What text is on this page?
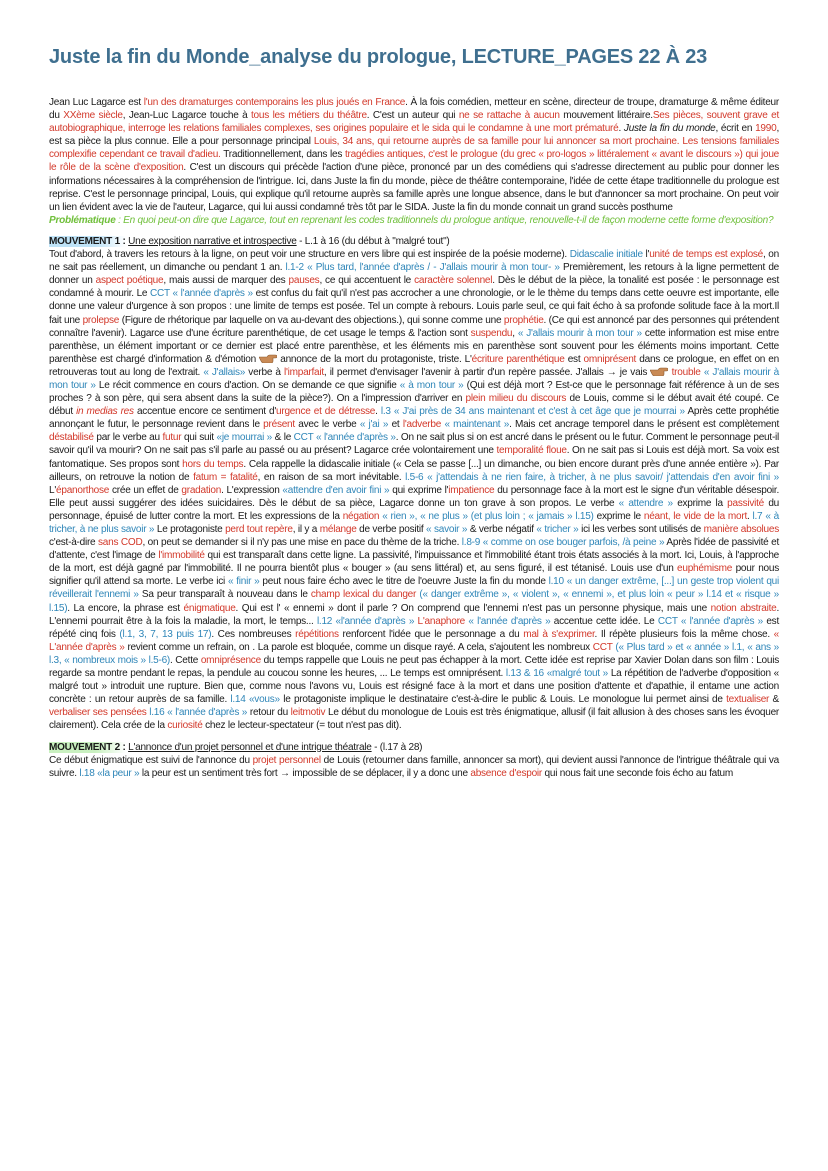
Juste la fin du Monde_analyse du prologue, LECTURE_PAGES 22 À 23

Jean Luc Lagarce est l'un des dramaturges contemporains les plus joués en France. À la fois comédien, metteur en scène, directeur de troupe, dramaturge & même éditeur du XXème siècle, Jean-Luc Lagarce touche à tous les métiers du théâtre. C'est un auteur qui ne se rattache à aucun mouvement littéraire.Ses pièces, souvent grave et autobiographique, interroge les relations familiales complexes, ses origines populaire et le sida qui le condamne à une mort prématuré. Juste la fin du monde, écrit en 1990, est sa pièce la plus connue. Elle a pour personnage principal Louis, 34 ans, qui retourne auprès de sa famille pour lui annoncer sa mort prochaine. Les tensions familiales complexifie cependant ce travail d'adieu. Traditionnellement, dans les tragédies antiques, c'est le prologue (du grec « pro-logos » littéralement « avant le discours ») qui joue le rôle de la scène d'exposition. C'est un discours qui précède l'action d'une pièce, prononcé par un des comédiens qui s'adresse directement au public pour donner les informations nécessaires à la compréhension de l'intrigue. Ici, dans Juste la fin du monde, pièce de théâtre contemporaine, l'idée de cette étape traditionnelle du prologue est reprise. C'est le personnage principal, Louis, qui explique qu'il retourne auprès sa famille après une longue absence, dans le but d'annoncer sa mort prochaine. On peut voir un lien évident avec la vie de l'auteur, Lagarce, qui lui aussi condamné très tôt par le SIDA. Juste la fin du monde connait un grand succès posthume

Problématique : En quoi peut-on dire que Lagarce, tout en reprenant les codes traditionnels du prologue antique, renouvelle-t-il de façon moderne cette forme d'exposition?

MOUVEMENT 1 : Une exposition narrative et introspective - L.1 à 16 (du début à "malgré tout")

Tout d'abord, à travers les retours à la ligne, on peut voir une structure en vers libre qui est inspirée de la poésie moderne). Didascalie initiale l'unité de temps est explosé, on ne sait pas réellement, un dimanche ou pendant 1 an. l.1-2 « Plus tard, l'année d'après / - J'allais mourir à mon tour- » Premièrement, les retours à la ligne permettent de donner un aspect poétique, mais aussi de marquer des pauses, ce qui accentuent le caractère solennel. Dès le début de la pièce, la tonalité est posée : le personnage est condamné à mourir. Le CCT « l'année d'après » est confus du fait qu'il n'est pas accrocher a une chronologie, or le le thème du temps dans cette oeuvre est importante, elle donne une valeur d'urgence à son propos : une limite de temps est posée. Tel un compte à rebours. Louis parle seul, ce qui fait écho à sa profonde solitude face à la mort.Il fait une prolepse (Figure de rhétorique par laquelle on va au-devant des objections.), qui sonne comme une prophétie. (Ce qui est annoncé par des personnes qui prétendent connaître l'avenir). Lagarce use d'une écriture parenthétique, de cet usage le temps & l'action sont suspendu, « J'allais mourir à mon tour » cette information est mise entre parenthèse, un élément important or ce dernier est placé entre parenthèse, et les éléments mis en parenthèse sont souvent pour les éléments moins important. Cette parenthèse est chargé d'information & d'émotion  annonce de la mort du protagoniste, triste. L'écriture parenthétique est omniprésent dans ce prologue, en effet on en retrouveras tout au long de l'extrait. « J'allais» verbe à l'imparfait, il permet d'envisager l'avenir à partir d'un repère passée. J'allais → je vais  trouble « J'allais mourir à mon tour » Le récit commence en cours d'action. On se demande ce que signifie « à mon tour » (Qui est déjà mort ? Est-ce que le personnage fait référence à un de ses proches ? à son père, qui sera absent dans la suite de la pièce?). On a l'impression d'arriver en plein milieu du discours de Louis, comme si le début avait été coupé. Ce début in medias res accentue encore ce sentiment d'urgence et de détresse. l.3 « J'ai près de 34 ans maintenant et c'est à cet âge que je mourrai » Après cette prophétie annonçant le futur, le personnage revient dans le présent avec le verbe « j'ai » et l'adverbe « maintenant ». Mais cet ancrage temporel dans le présent est complètement déstabilisé par le verbe au futur qui suit «je mourrai » & le CCT « l'année d'après ». On ne sait plus si on est ancré dans le présent ou le futur. Comment le personnage peut-il savoir qu'il va mourir? On ne sait pas s'il parle au passé ou au présent? Lagarce crée volontairement une temporalité floue. On ne sait pas si Louis est déjà mort. Sa voix est fantomatique. Ses propos sont hors du temps. Cela rappelle la didascalie initiale (« Cela se passe [...] un dimanche, ou bien encore durant près d'une année entière »). Par ailleurs, on retrouve la notion de fatum = fatalité, en raison de sa mort inévitable. l.5-6 « j'attendais à ne rien faire, à tricher, à ne plus savoir/ j'attendais d'en avoir fini » L'épanorthose crée un effet de gradation. L'expression «attendre d'en avoir fini » qui exprime l'impatience du personnage face à la mort est le signe d'un véritable désespoir. Elle peut aussi suggérer des idées suicidaires. Dès le début de sa pièce, Lagarce donne un ton grave à son propos. Le verbe « attendre » exprime la passivité du personnage, épuisé de lutter contre la mort. Et les expressions de la négation « rien », « ne plus » (et plus loin ; « jamais » l.15) exprime le néant, le vide de la mort. l.7 « à tricher, à ne plus savoir » Le protagoniste perd tout repère, il y a mélange de verbe positif « savoir » & verbe négatif « tricher » ici les verbes sont utilisés de manière absolues c'est-à-dire sans COD, on peut se demander si il n'y pas une mise en pace du thème de la triche. l.8-9 « comme on ose bouger parfois, /à peine » Après l'idée de passivité et d'attente, c'est l'image de l'immobilité qui est transparaît dans cette ligne. La passivité, l'impuissance et l'immobilité étant trois états associés à la mort. Ici, Louis, à l'approche de la mort, est déjà gagné par l'immobilité. Il ne pourra bientôt plus « bouger » (au sens littéral) et, au sens figuré, il est tétanisé. Louis use d'un euphémisme pour nous signifier qu'il attend sa morte. Le verbe ici « finir » peut nous faire écho avec le titre de l'oeuvre Juste la fin du monde l.10 « un danger extrême, [...] un geste trop violent qui réveillerait l'ennemi » Sa peur transparaît à nouveau dans le champ lexical du danger (« danger extrême », « violent », « ennemi », et plus loin « peur » l.14 et « risque » l.15). La encore, la phrase est énigmatique. Qui est l' « ennemi » dont il parle ? On comprend que l'ennemi n'est pas un personne physique, mais une notion abstraite. L'ennemi pourrait être à la fois la maladie, la mort, le temps... l.12 «l'année d'après » L'anaphore « l'année d'après » accentue cette idée. Le CCT « l'année d'après » est répété cinq fois (l.1, 3, 7, 13 puis 17). Ces nombreuses répétitions renforcent l'idée que le personnage a du mal à s'exprimer. Il répète plusieurs fois la même chose. « L'année d'après » revient comme un refrain, on . La parole est bloquée, comme un disque rayé. A cela, s'ajoutent les nombreux CCT (« Plus tard » et « année » l.1, « ans » l.3, « nombreux mois » l.5-6). Cette omniprésence du temps rappelle que Louis ne peut pas échapper à la mort. Cette idée est reprise par Xavier Dolan dans son film : Louis regarde sa montre pendant le repas, la pendule au coucou sonne les heures, ... Le temps est omniprésent. l.13 & 16 «malgré tout » La répétition de l'adverbe d'opposition « malgré tout » introduit une rupture. Bien que, comme nous l'avons vu, Louis est résigné face à la mort et dans une position d'attente et d'apathie, il entame une action concrète : un retour auprès de sa famille. l.14 «vous» le protagoniste implique le destinataire c'est-à-dire le public & Louis. Le monologue lui permet ainsi de textualiser & verbaliser ses pensées l.16 « l'année d'après » retour du leitmotiv Le début du monologue de Louis est très énigmatique, allusif (il fait allusion à des choses sans les évoquer clairement). Cela crée de la curiosité chez le lecteur-spectateur (= tout n'est pas dit).

MOUVEMENT 2 : L'annonce d'un projet personnel et d'une intrigue théatrale - (l.17 à 28)

Ce début énigmatique est suivi de l'annonce du projet personnel de Louis (retourner dans famille, annoncer sa mort), qui devient aussi l'annonce de l'intrigue théâtrale qui va suivre. l.18 «la peur » la peur est un sentiment très fort → impossible de se déplacer, il y a donc une absence d'espoir qui nous fait une seconde fois écho au fatum
